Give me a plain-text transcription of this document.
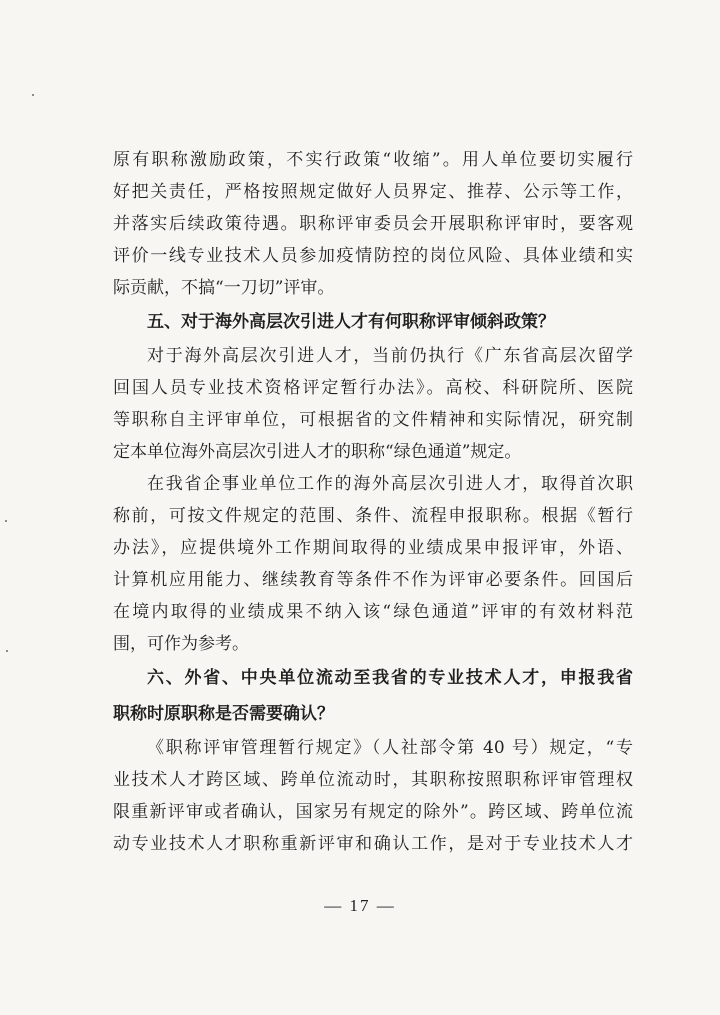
原有职称激励政策，不实行政策“收缩”。用人单位要切实履行
好把关责任，严格按照规定做好人员界定、推荐、公示等工作，
并落实后续政策待遇。职称评审委员会开展职称评审时，要客观
评价一线专业技术人员参加疫情防控的岗位风险、具体业绩和实
际贡献，不搞“一刀切”评审。
五、对于海外高层次引进人才有何职称评审倾斜政策？
对于海外高层次引进人才，当前仍执行《广东省高层次留学
回国人员专业技术资格评定暂行办法》。高校、科研院所、医院
等职称自主评审单位，可根据省的文件精神和实际情况，研究制
定本单位海外高层次引进人才的职称“绿色通道”规定。
在我省企事业单位工作的海外高层次引进人才，取得首次职
称前，可按文件规定的范围、条件、流程申报职称。根据《暂行
办法》，应提供境外工作期间取得的业绩成果申报评审，外语、
计算机应用能力、继续教育等条件不作为评审必要条件。回国后
在境内取得的业绩成果不纳入该“绿色通道”评审的有效材料范
围，可作为参考。
六、外省、中央单位流动至我省的专业技术人才，申报我省
职称时原职称是否需要确认？
《职称评审管理暂行规定》（人社部令第 40 号）规定，“专
业技术人才跨区域、跨单位流动时，其职称按照职称评审管理权
限重新评审或者确认，国家另有规定的除外”。跨区域、跨单位流
动专业技术人才职称重新评审和确认工作，是对于专业技术人才
— 17 —
